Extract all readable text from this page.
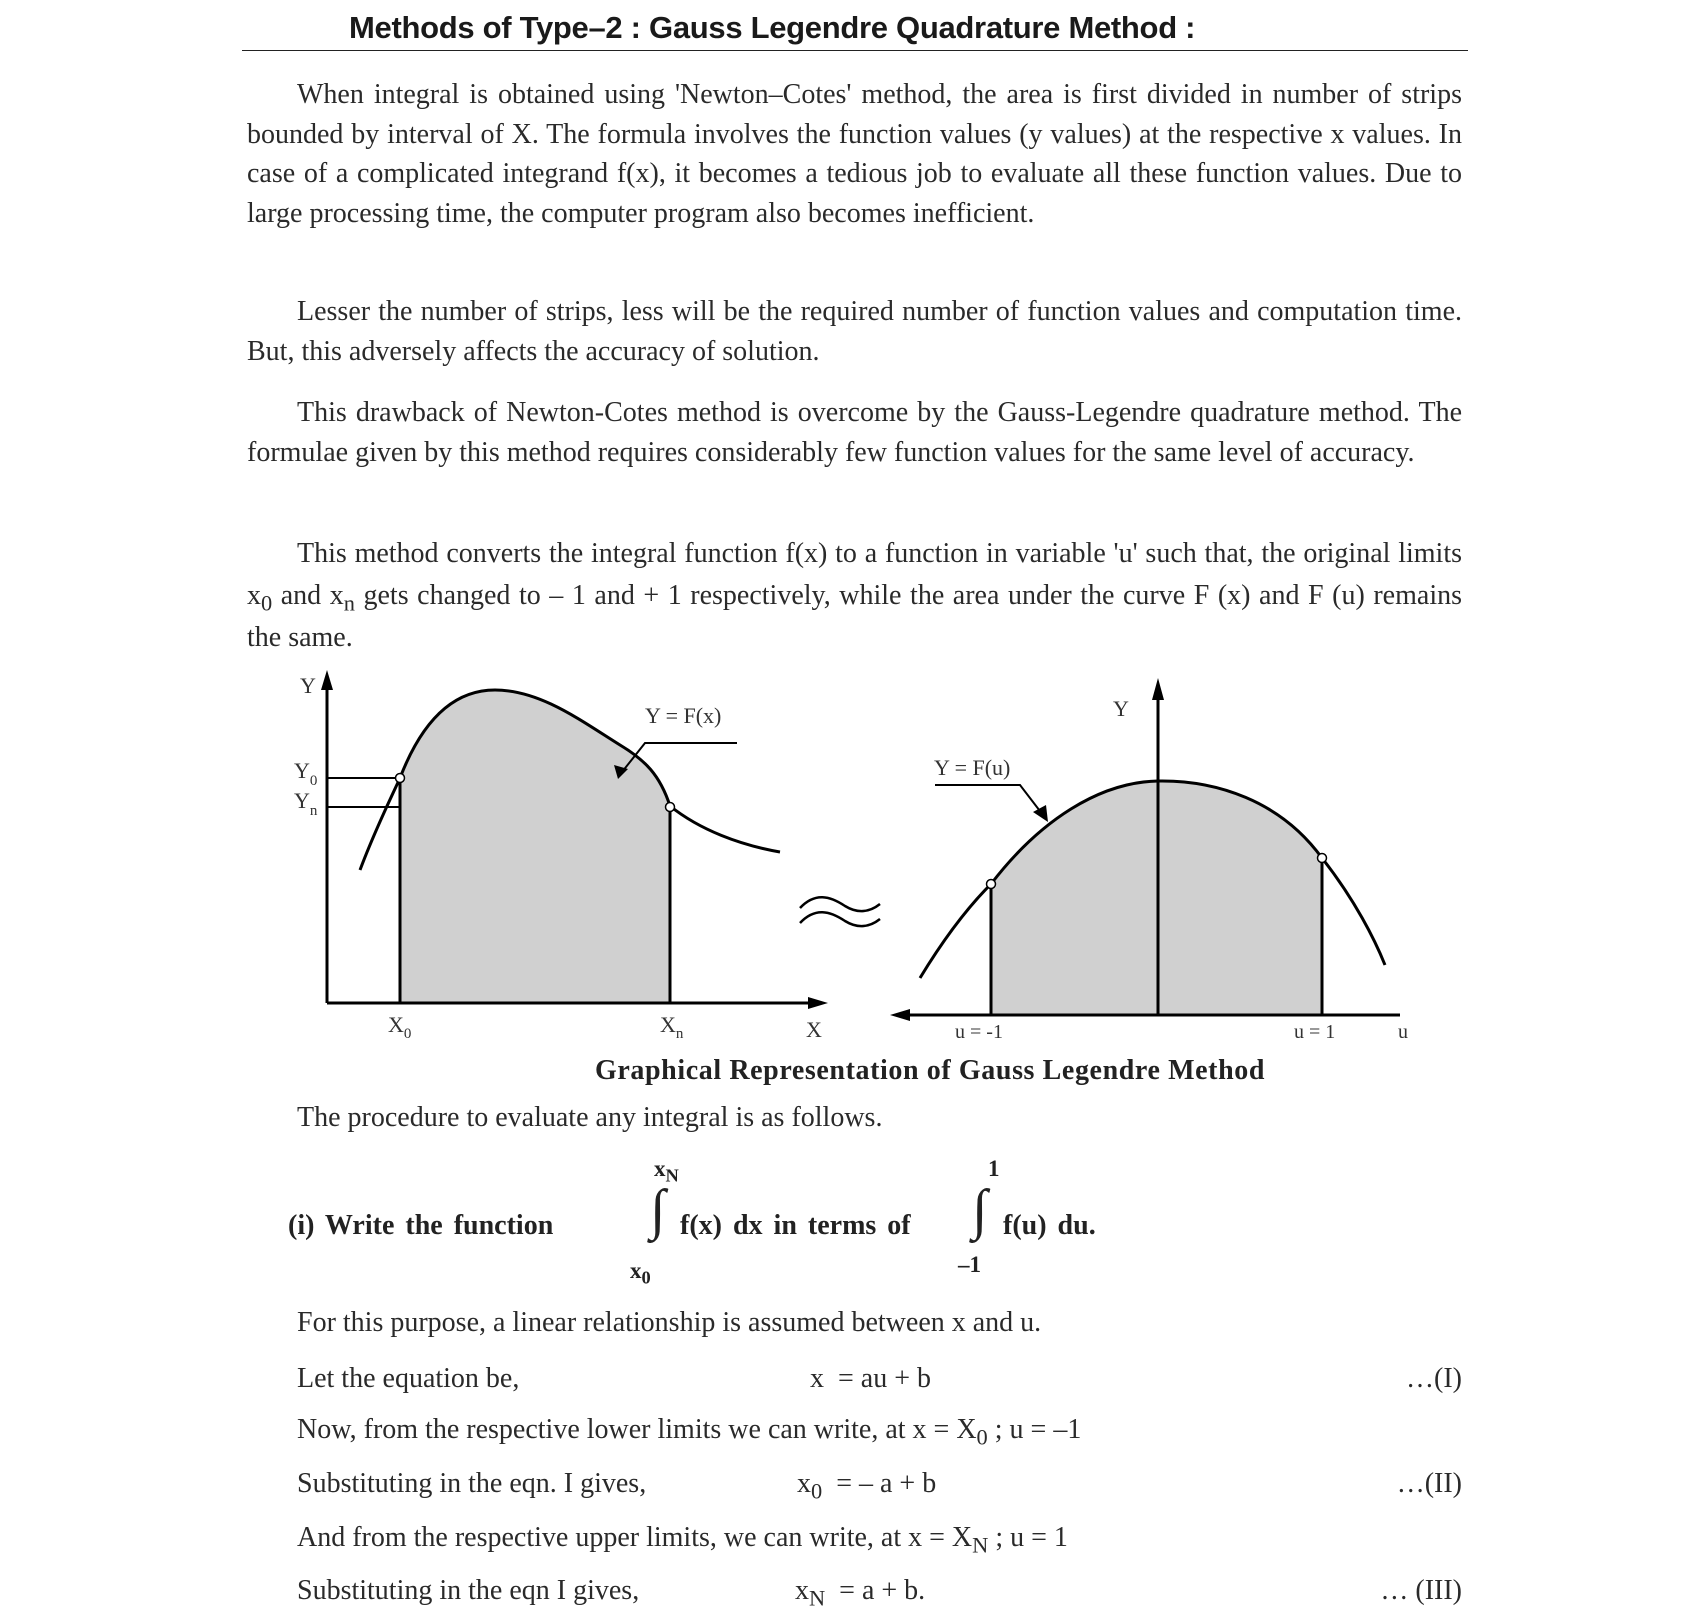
Methods of Type–2 : Gauss Legendre Quadrature Method :

When integral is obtained using 'Newton–Cotes' method, the area is first divided in number of strips bounded by interval of X. The formula involves the function values (y values) at the respective x values. In case of a complicated integrand f(x), it becomes a tedious job to evaluate all these function values. Due to large processing time, the computer program also becomes inefficient.

Lesser the number of strips, less will be the required number of function values and computation time. But, this adversely affects the accuracy of solution.

This drawback of Newton-Cotes method is overcome by the Gauss-Legendre quadrature method. The formulae given by this method requires considerably few function values for the same level of accuracy.

This method converts the integral function f(x) to a function in variable 'u' such that, the original limits $x_0$ and $x_n$ gets changed to – 1 and + 1 respectively, while the area under the curve F (x) and F (u) remains the same.

Y
$Y_0$
$Y_n$
Y = F(x)
$X_0$	$X_n$	X
Y
Y = F(u)
u = -1	u = 1	u
Graphical Representation of Gauss Legendre Method
The procedure to evaluate any integral is as follows.
(i) Write the function
$x_N$
∫
$x_0$
f(x) dx in terms of
1
∫
–1
f(u) du.
For this purpose, a linear relationship is assumed between x and u.
Let the equation be,	x = au + b	…(I)
Now, from the respective lower limits we can write, at $x = X_0$ ; u = –1
Substituting in the eqn. I gives,	$x_0$ = – a + b	…(II)
And from the respective upper limits, we can write, at $x = X_N$ ; u = 1
Substituting in the eqn I gives,	$x_N = a + b$.	… (III)
